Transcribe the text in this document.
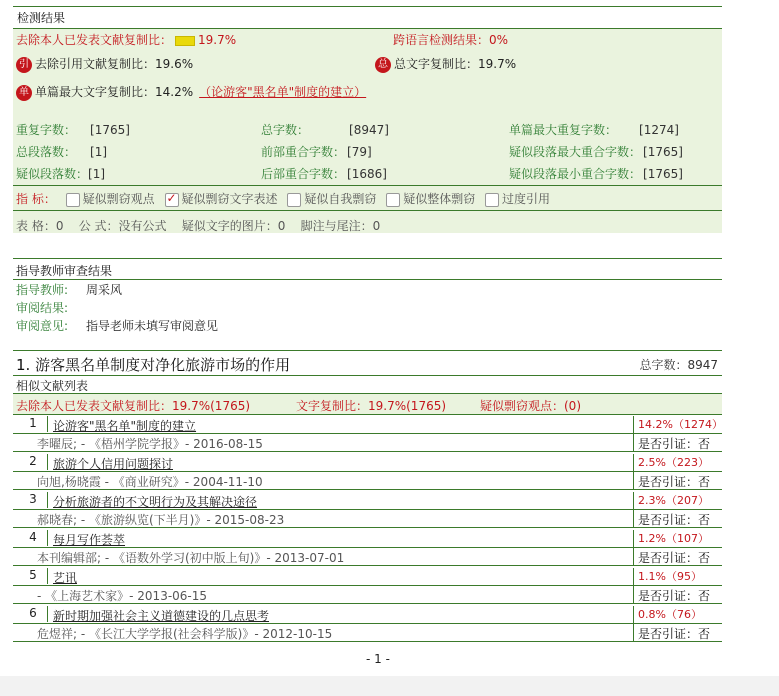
检测结果
去除本人已发表文献复制比： 19.7%	跨语言检测结果：0%
引 去除引用文献复制比：19.6%	总 总文字复制比：19.7%
单 单篇最大文字复制比：14.2% （论游客"黑名单"制度的建立）
重复字数： [1765]	总字数：	[8947]	单篇最大重复字数： [1274]
总段落数： [1]	前部重合字数： [79]	疑似段落最大重合字数： [1765]
疑似段落数：[1]	后部重合字数： [1686]	疑似段落最小重合字数： [1765]
指 标： 疑似剽窃观点 ✓ 疑似剽窃文字表述 疑似自我剽窃 疑似整体剽窃 过度引用
表 格：0    公 式：没有公式    疑似文字的图片：0    脚注与尾注：0
指导教师审查结果
指导教师: 周采风
审阅结果:
审阅意见: 指导老师未填写审阅意见
1. 游客黑名单制度对净化旅游市场的作用	总字数：8947
相似文献列表
去除本人已发表文献复制比：19.7%(1765)	文字复制比：19.7%(1765)	疑似剽窃观点：(0)
1	论游客"黑名单"制度的建立	14.2%（1274）
李曜辰; - 《梧州学院学报》- 2016-08-15	是否引证：否
2	旅游个人信用问题探讨	2.5%（223）
向旭,杨晓霞 - 《商业研究》- 2004-11-10	是否引证：否
3	分析旅游者的不文明行为及其解决途径	2.3%（207）
郝晓春; - 《旅游纵览(下半月)》- 2015-08-23	是否引证：否
4	每月写作荟萃	1.2%（107）
本刊编辑部; - 《语数外学习(初中版上旬)》- 2013-07-01	是否引证：否
5	艺讯	1.1%（95）
- 《上海艺术家》- 2013-06-15	是否引证：否
6	新时期加强社会主义道德建设的几点思考	0.8%（76）
危煜祥; - 《长江大学学报(社会科学版)》- 2012-10-15	是否引证：否
- 1 -
